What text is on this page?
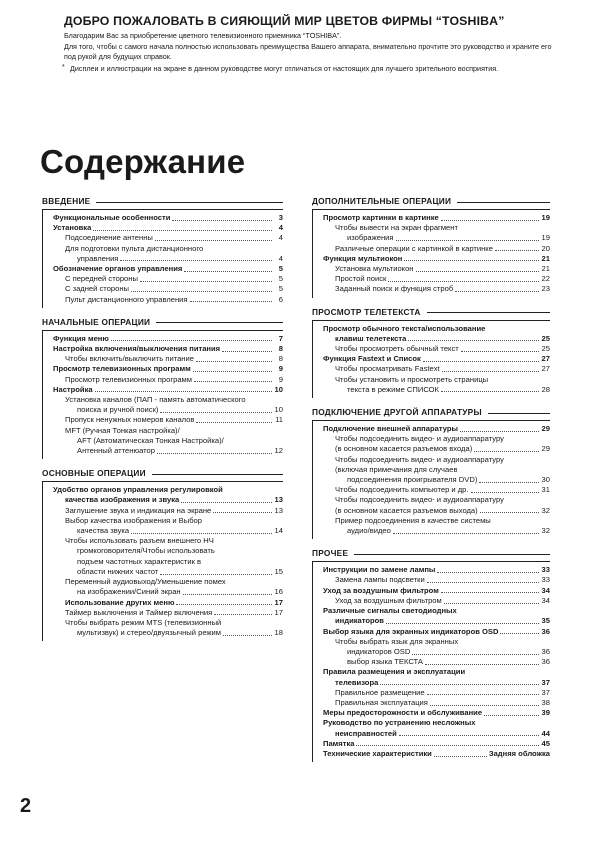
ДОБРО ПОЖАЛОВАТЬ В СИЯЮЩИЙ МИР ЦВЕТОВ ФИРМЫ “TOSHIBA”

Благодарим Вас за приобретение цветного телевизионного приемника “TOSHIBA”.

Для того, чтобы с самого начала полностью использовать преимущества Вашего аппарата, внимательно прочтите это руководство и храните его под рукой для будущих справок.

* Дисплеи и иллюстрации на экране в данном руководстве могут отличаться от настоящих для лучшего зрительного восприятия.

Содержание
ВВЕДЕНИЕ
Функциональные особенности	3
Установка	4
Подсоединение антенны	4
Для подготовки пульта дистанционного
управления	4
Обозначение органов управления	5
С передней стороны	5
С задней стороны	5
Пульт дистанционного управления	6
НАЧАЛЬНЫЕ ОПЕРАЦИИ
Функция меню	7
Настройка включения/выключения питания	8
Чтобы включить/выключить питание	8
Просмотр телевизионных программ	9
Просмотр телевизионных программ	9
Настройка	10
Установка каналов (ПАП - память автоматического
поиска и ручной поиск)	10
Пропуск ненужных номеров каналов	11
MFT (Ручная Тонкая настройка)/
AFT (Автоматическая Тонкая Настройка)/
Антенный аттенюатор	12
ОСНОВНЫЕ ОПЕРАЦИИ
Удобство органов управления регулировкой
качества изображения и звука	13
Заглушение звука и индикация на экране	13
Выбор качества изображения и Выбор
качества звука	14
Чтобы использовать разъем внешнего НЧ
громкоговорителя/Чтобы использовать
подъем частотных характеристик в
области нижних частот	15
Переменный аудиовыход/Уменьшение помех
на изображении/Синий экран	16
Использование других меню	17
Таймер выключения и Таймер включения	17
Чтобы выбрать режим MTS (телевизионный
мультизвук) и стерео/двуязычный режим	18
ДОПОЛНИТЕЛЬНЫЕ ОПЕРАЦИИ
Просмотр картинки в картинке	19
Чтобы вывести на экран фрагмент
изображения	19
Различные операции с картинкой в картинке	20
Функция мультиокон	21
Установка мультиокон	21
Простой поиск	22
Заданный поиск и функция строб	23
ПРОСМОТР ТЕЛЕТЕКСТА
Просмотр обычного текста/использование
клавиш телетекста	25
Чтобы просмотреть обычный текст	25
Функция Fastext и Список	27
Чтобы просматривать Fastext	27
Чтобы установить и просмотреть страницы
текста в режиме СПИСОК	28
ПОДКЛЮЧЕНИЕ ДРУГОЙ АППАРАТУРЫ
Подключение внешней аппаратуры	29
Чтобы подсоединить видео- и аудиоаппаратуру
(в основном касается разъемов входа)	29
Чтобы подсоединить видео- и аудиоаппаратуру
(включая примечания для случаев
подсоединения проигрывателя DVD)	30
Чтобы подсоединить компьютер и др.	31
Чтобы подсоединить видео- и аудиоаппаратуру
(в основном касается разъемов выхода)	32
Пример подсоединения в качестве системы
аудио/видео	32
ПРОЧЕЕ
Инструкции по замене лампы	33
Замена лампы подсветки	33
Уход за воздушным фильтром	34
Уход за воздушным фильтром	34
Различные сигналы светодиодных
индикаторов	35
Выбор языка для экранных индикаторов OSD	36
Чтобы выбрать язык для экранных
индикаторов OSD	36
выбор языка ТЕКСТА	36
Правила размещения и эксплуатации
телевизора	37
Правильное размещение	37
Правильная эксплуатация	38
Меры предосторожности и обслуживание	39
Руководство по устранению несложных
неисправностей	44
Памятка	45
Технические характеристики	Задняя обложка
2
